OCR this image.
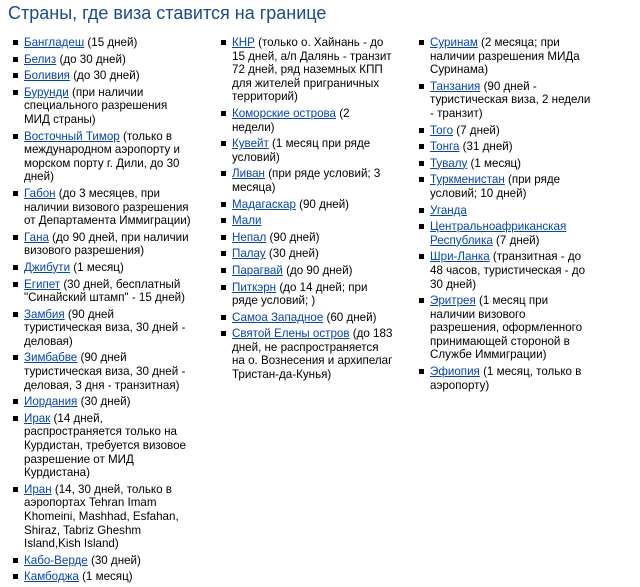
Страны, где виза ставится на границе
Бангладеш (15 дней)
Белиз (до 30 дней)
Боливия (до 30 дней)
Бурунди (при наличии специального разрешения МИД страны)
Восточный Тимор (только в международном аэропорту и морском порту г. Дили, до 30 дней)
Габон (до 3 месяцев, при наличии визового разрешения от Департамента Иммиграции)
Гана (до 90 дней, при наличии визового разрешения)
Джибути (1 месяц)
Египет (30 дней, бесплатный "Синайский штамп" - 15 дней)
Замбия (90 дней туристическая виза, 30 дней - деловая)
Зимбабве (90 дней туристическая виза, 30 дней - деловая, 3 дня - транзитная)
Иордания (30 дней)
Ирак (14 дней, распространяется только на Курдистан, требуется визовое разрешение от МИД Курдистана)
Иран (14, 30 дней, только в аэропортах Tehran Imam Khomeini, Mashhad, Esfahan, Shiraz, Tabriz Gheshm Island,Kish Island)
Кабо-Верде (30 дней)
Камбоджа (1 месяц)
КНР (только о. Хайнань - до 15 дней, а/п Далянь - транзит 72 дней, ряд наземных КПП для жителей приграничных территорий)
Коморские острова (2 недели)
Кувейт (1 месяц при ряде условий)
Ливан (при ряде условий; 3 месяца)
Мадагаскар (90 дней)
Мали
Непал (90 дней)
Палау (30 дней)
Парагвай (до 90 дней)
Питкэрн (до 14 дней; при ряде условий; )
Самоа Западное (60 дней)
Святой Елены остров (до 183 дней, не распространяется на о. Вознесения и архипелаг Тристан-да-Кунья)
Суринам (2 месяца; при наличии разрешения МИДа Суринама)
Танзания (90 дней - туристическая виза, 2 недели - транзит)
Того (7 дней)
Тонга (31 дней)
Тувалу (1 месяц)
Туркменистан (при ряде условий; 10 дней)
Уганда
Центральноафриканская Республика (7 дней)
Шри-Ланка (транзитная - до 48 часов, туристическая - до 30 дней)
Эритрея (1 месяц при наличии визового разрешения, оформленного принимающей стороной в Службе Иммиграции)
Эфиопия (1 месяц, только в аэропорту)
